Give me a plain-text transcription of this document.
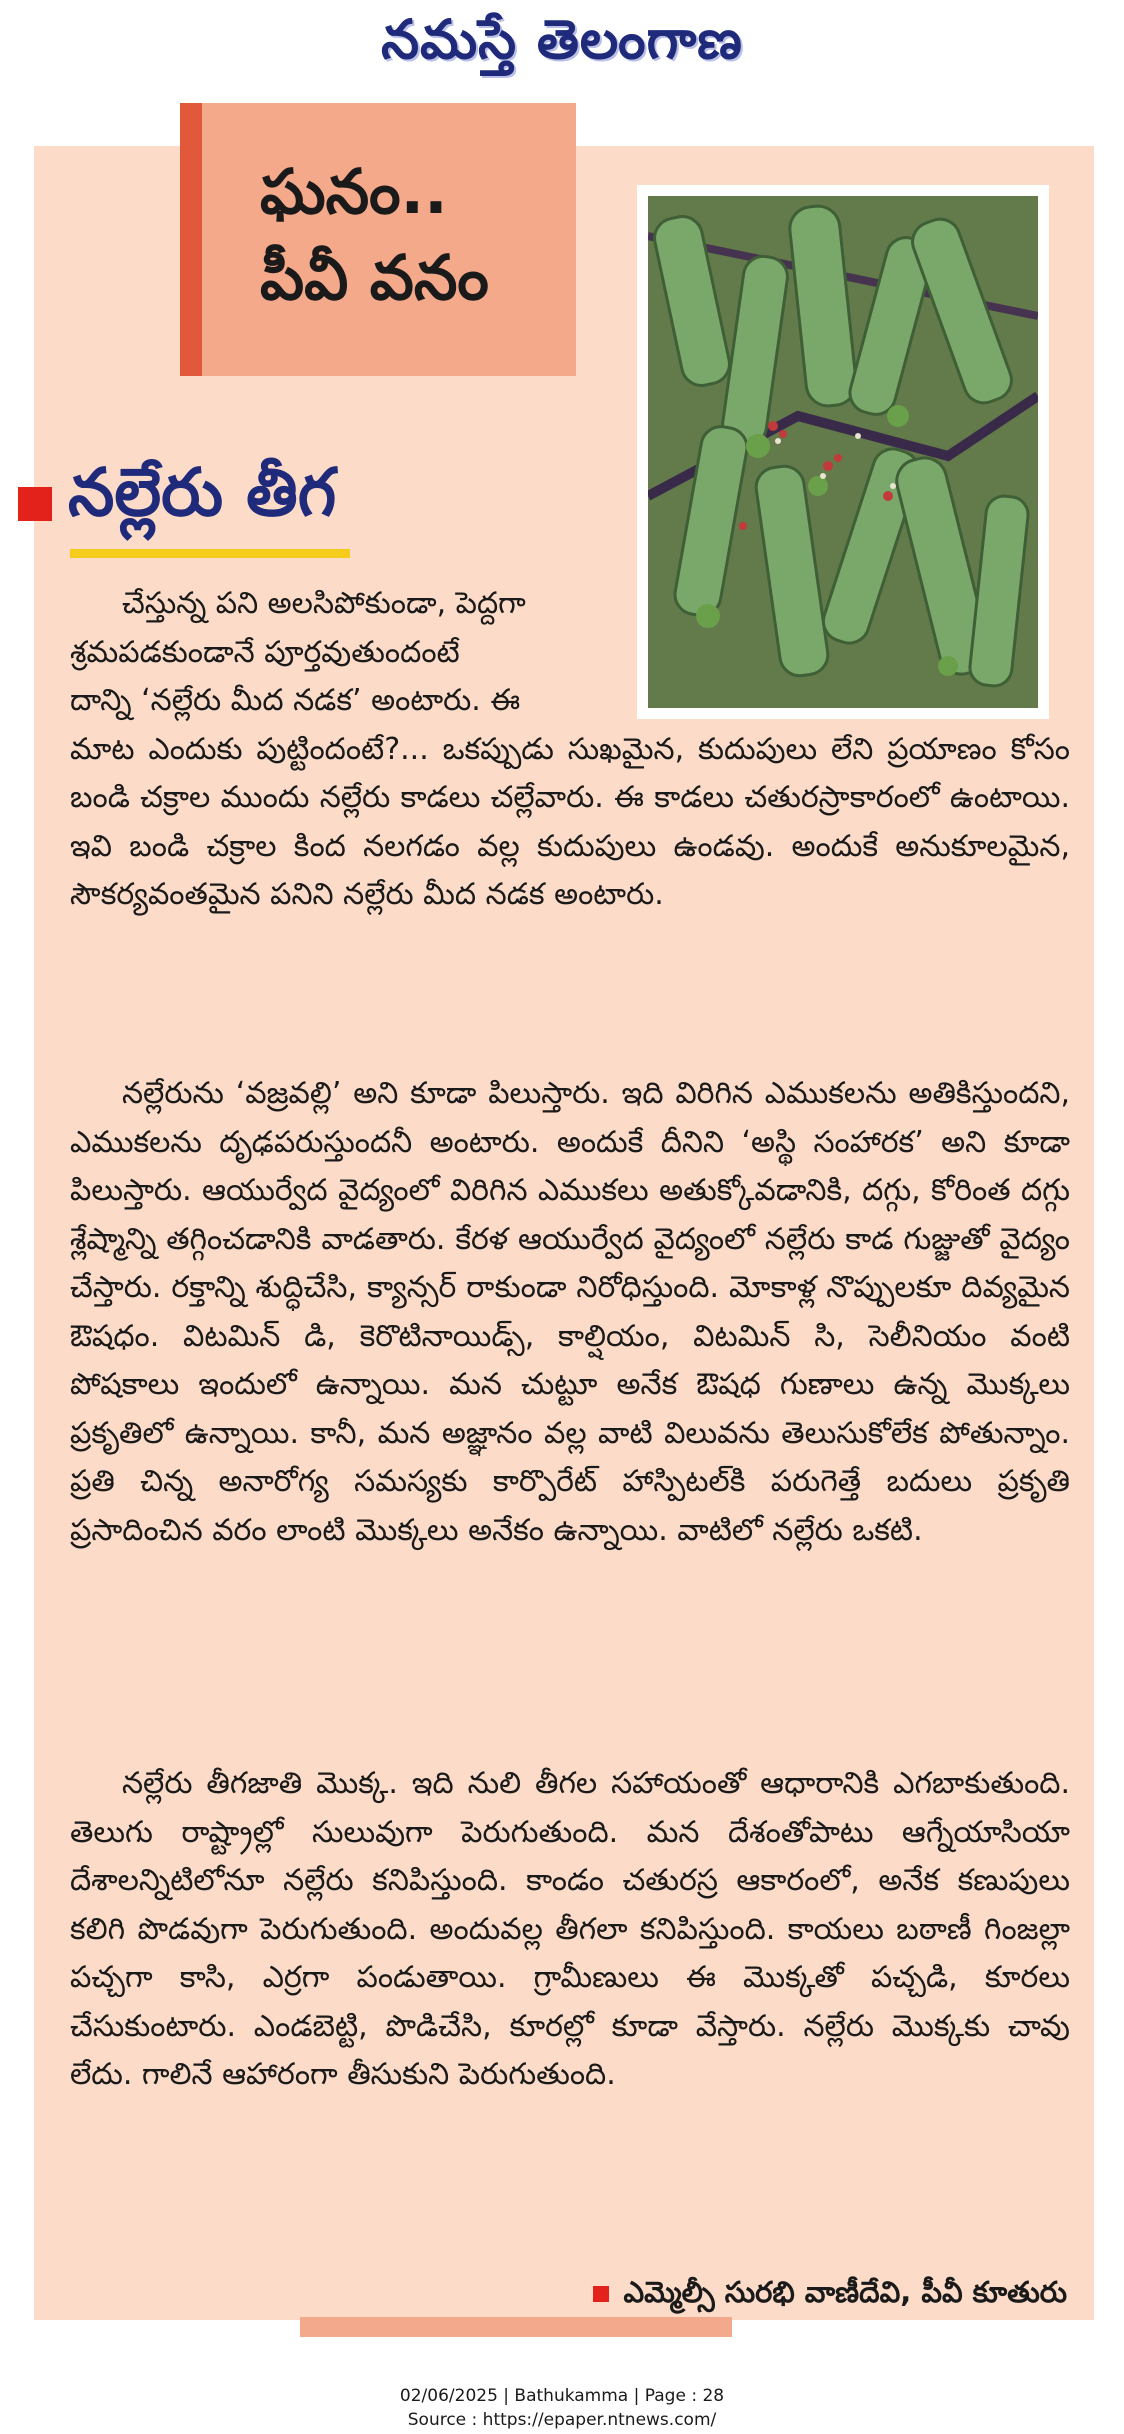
నమస్తే తెలంగాణ
ఘనం..
పీవీ వనం
నల్లేరు తీగ
చేస్తున్న పని అలసిపోకుండా, పెద్దగా
శ్రమపడకుండానే పూర్తవుతుందంటే
దాన్ని ‘నల్లేరు మీద నడక’ అంటారు. ఈ
మాట ఎందుకు పుట్టిందంటే?... ఒకప్పుడు సుఖమైన, కుదుపులు లేని ప్రయాణం కోసం బండి చక్రాల ముందు నల్లేరు కాడలు చల్లేవారు. ఈ కాడలు చతురస్రాకారంలో ఉంటాయి. ఇవి బండి చక్రాల కింద నలగడం వల్ల కుదుపులు ఉండవు. అందుకే అనుకూలమైన, సౌకర్యవంతమైన పనిని నల్లేరు మీద నడక అంటారు.
నల్లేరును ‘వజ్రవల్లి’ అని కూడా పిలుస్తారు. ఇది విరిగిన ఎముకలను అతికిస్తుందని, ఎముకలను దృఢపరుస్తుందనీ అంటారు. అందుకే దీనిని ‘అస్థి సంహారక’ అని కూడా పిలుస్తారు. ఆయుర్వేద వైద్యంలో విరిగిన ఎముకలు అతుక్కోవడానికి, దగ్గు, కోరింత దగ్గు శ్లేష్మాన్ని తగ్గించడానికి వాడతారు. కేరళ ఆయుర్వేద వైద్యంలో నల్లేరు కాడ గుజ్జుతో వైద్యం చేస్తారు. రక్తాన్ని శుద్ధిచేసి, క్యాన్సర్ రాకుండా నిరోధిస్తుంది. మోకాళ్ల నొప్పులకూ దివ్యమైన ఔషధం. విటమిన్ డి, కెరొటినాయిడ్స్, కాల్షియం, విటమిన్ సి, సెలీనియం వంటి పోషకాలు ఇందులో ఉన్నాయి. మన చుట్టూ అనేక ఔషధ గుణాలు ఉన్న మొక్కలు ప్రకృతిలో ఉన్నాయి. కానీ, మన అజ్ఞానం వల్ల వాటి విలువను తెలుసుకోలేక పోతున్నాం. ప్రతి చిన్న అనారోగ్య సమస్యకు కార్పొరేట్ హాస్పిటల్‌కి పరుగెత్తే బదులు ప్రకృతి ప్రసాదించిన వరం లాంటి మొక్కలు అనేకం ఉన్నాయి. వాటిలో నల్లేరు ఒకటి.
నల్లేరు తీగజాతి మొక్క. ఇది నులి తీగల సహాయంతో ఆధారానికి ఎగబాకుతుంది. తెలుగు రాష్ట్రాల్లో సులువుగా పెరుగుతుంది. మన దేశంతోపాటు ఆగ్నేయాసియా దేశాలన్నిటిలోనూ నల్లేరు కనిపిస్తుంది. కాండం చతురస్ర ఆకారంలో, అనేక కణుపులు కలిగి పొడవుగా పెరుగుతుంది. అందువల్ల తీగలా కనిపిస్తుంది. కాయలు బఠాణీ గింజల్లా పచ్చగా కాసి, ఎర్రగా పండుతాయి. గ్రామీణులు ఈ మొక్కతో పచ్చడి, కూరలు చేసుకుంటారు. ఎండబెట్టి, పొడిచేసి, కూరల్లో కూడా వేస్తారు. నల్లేరు మొక్కకు చావు లేదు. గాలినే ఆహారంగా తీసుకుని పెరుగుతుంది.
ఎమ్మెల్సీ సురభి వాణీదేవి, పీవీ కూతురు
02/06/2025 | Bathukamma | Page : 28
Source : https://epaper.ntnews.com/
